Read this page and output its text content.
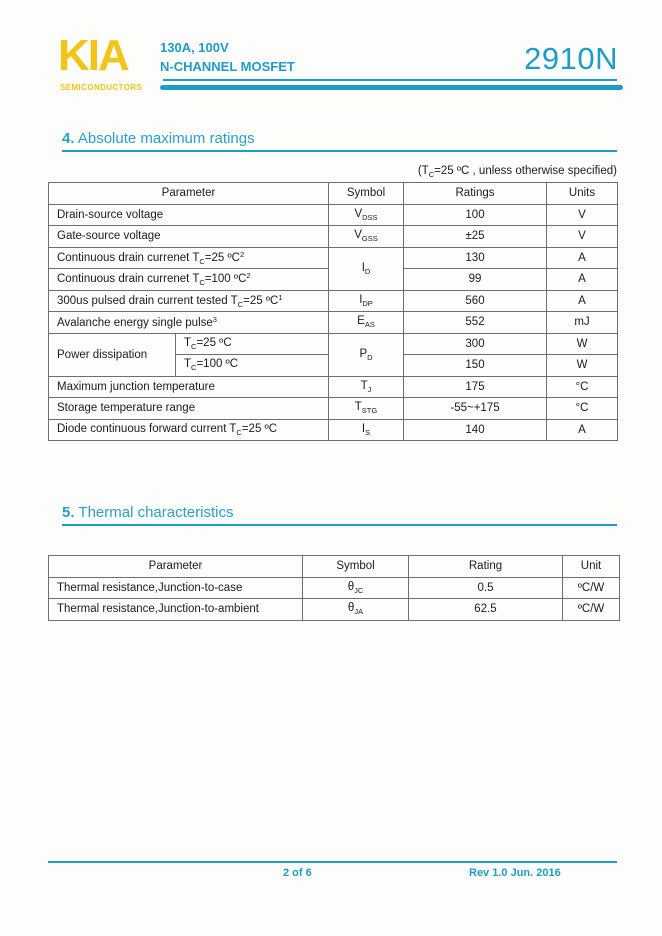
KIA
SEMICONDUCTORS
130A, 100V
N-CHANNEL MOSFET	2910N
4. Absolute maximum ratings
($T_C=25$ ºC , unless otherwise specified)
Parameter		Symbol	Ratings	Units
Drain-source voltage		$V_{DSS}$	100	V
Gate-source voltage		$V_{GSS}$	±25	V
Continuous drain currenet $T_C=25$ ºC$^2$		$I_D$	130	A
Continuous drain currenet $T_C=100$ ºC$^2$			99	A
300us pulsed drain current tested $T_C=25$ ºC$^1$		$I_{DP}$	560	A
Avalanche energy single pulse$^3$		$E_{AS}$	552	mJ
Power dissipation	$T_C=25$ ºC	$P_D$	300	W
	$T_C=100$ ºC		150	W
Maximum junction temperature		$T_J$	175	°C
Storage temperature range		$T_{STG}$	-55~+175	°C
Diode continuous forward current $T_C=25$ ºC		$I_S$	140	A
5. Thermal characteristics
Parameter	Symbol	Rating	Unit
Thermal resistance,Junction-to-case	$\theta_{JC}$	0.5	ºC/W
Thermal resistance,Junction-to-ambient	$\theta_{JA}$	62.5	ºC/W
2 of 6	Rev 1.0 Jun. 2016
